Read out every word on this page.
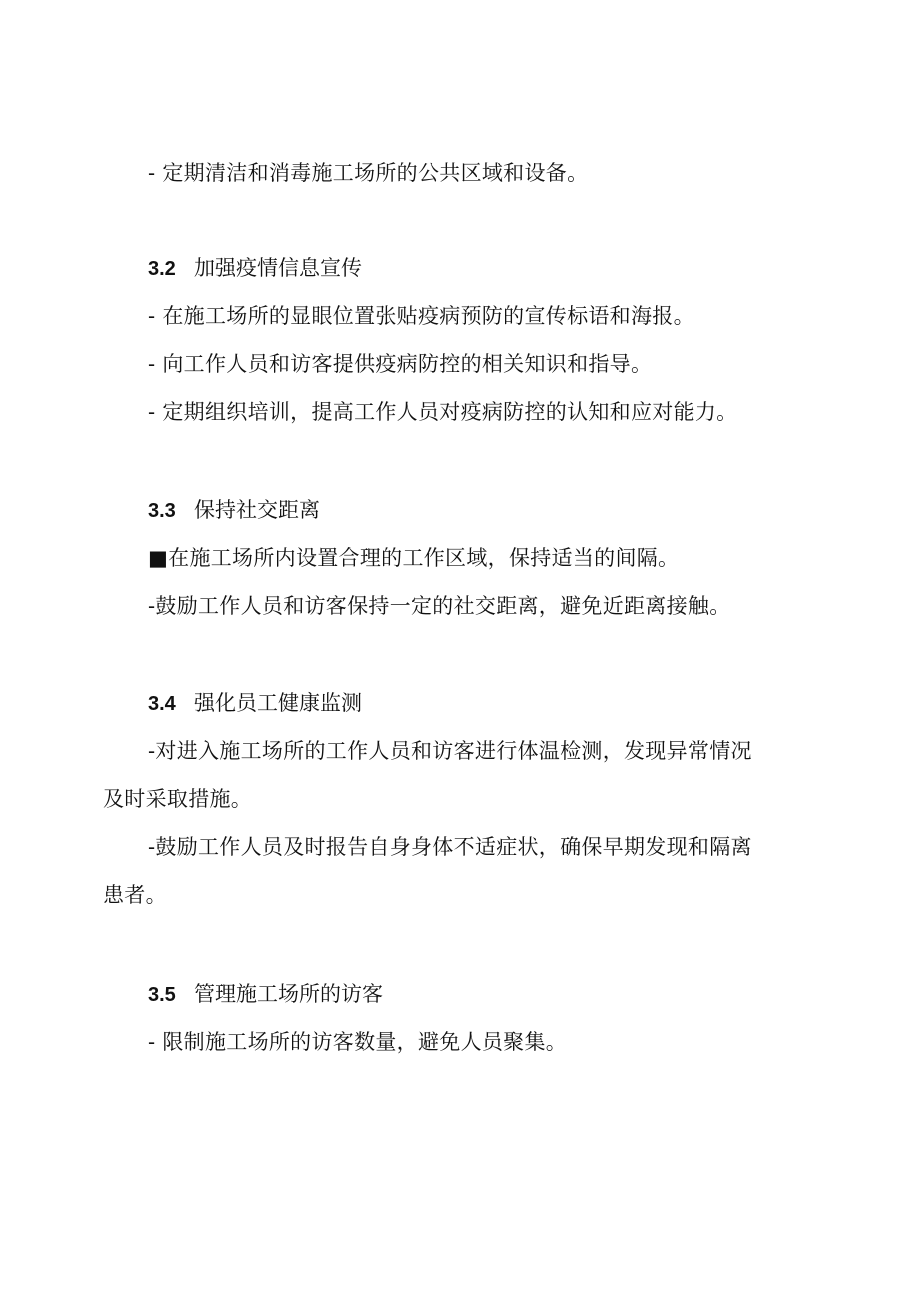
- 定期清洁和消毒施工场所的公共区域和设备。
3.2 加强疫情信息宣传
- 在施工场所的显眼位置张贴疫病预防的宣传标语和海报。
- 向工作人员和访客提供疫病防控的相关知识和指导。
- 定期组织培训，提高工作人员对疫病防控的认知和应对能力。
3.3 保持社交距离
■在施工场所内设置合理的工作区域，保持适当的间隔。
-鼓励工作人员和访客保持一定的社交距离，避免近距离接触。
3.4 强化员工健康监测
-对进入施工场所的工作人员和访客进行体温检测，发现异常情况
及时采取措施。
-鼓励工作人员及时报告自身身体不适症状，确保早期发现和隔离
患者。
3.5 管理施工场所的访客
- 限制施工场所的访客数量，避免人员聚集。
